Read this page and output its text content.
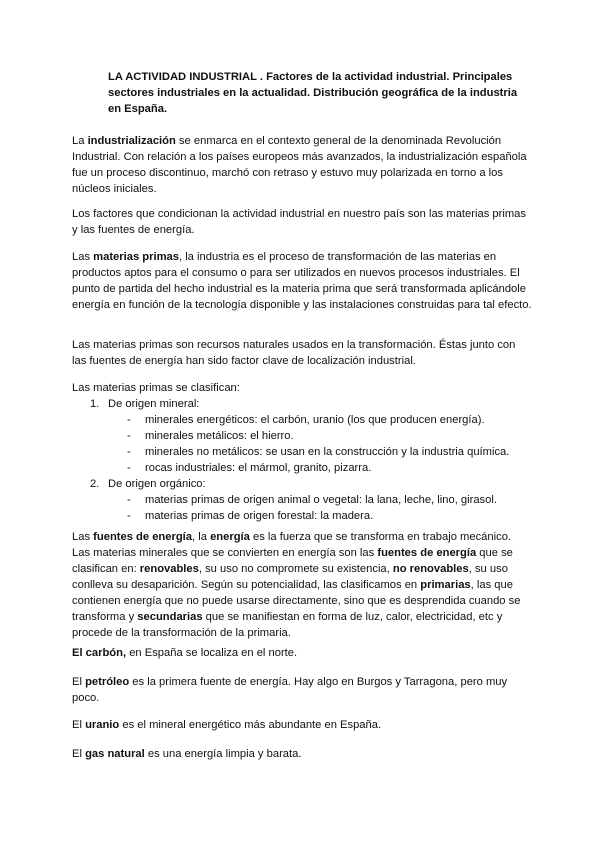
LA ACTIVIDAD INDUSTRIAL . Factores de la actividad industrial. Principales sectores industriales en la actualidad. Distribución geográfica de la industria en España.

La industrialización se enmarca en el contexto general de la denominada Revolución Industrial. Con relación a los países europeos más avanzados, la industrialización española fue un proceso discontinuo, marchó con retraso y estuvo muy polarizada en torno a los núcleos iniciales.

Los factores que condicionan la actividad industrial en nuestro país son las materias primas y las fuentes de energía.

Las materias primas, la industria es el proceso de transformación de las materias en productos aptos para el consumo o para ser utilizados en nuevos procesos industriales. El punto de partida del hecho industrial es la materia prima que será transformada aplicándole energía en función de la tecnología disponible y las instalaciones construidas para tal efecto.

Las materias primas son recursos naturales usados en la transformación. Éstas junto con las fuentes de energía han sido factor clave de localización industrial.

Las materias primas se clasifican:

1. De origen mineral:

- minerales energéticos: el carbón, uranio (los que producen energía).

- minerales metálicos: el hierro.

- minerales no metálicos: se usan en la construcción y la industria química.

- rocas industriales: el mármol, granito, pizarra.

2. De origen orgánico:

- materias primas de origen animal o vegetal: la lana, leche, lino, girasol.

- materias primas de origen forestal: la madera.

Las fuentes de energía, la energía es la fuerza que se transforma en trabajo mecánico. Las materias minerales que se convierten en energía son las fuentes de energía que se clasifican en: renovables, su uso no compromete su existencia, no renovables, su uso conlleva su desaparición. Según su potencialidad, las clasificamos en primarias, las que contienen energía que no puede usarse directamente, sino que es desprendida cuando se transforma y secundarias que se manifiestan en forma de luz, calor, electricidad, etc y procede de la transformación de la primaria.

El carbón, en España se localiza en el norte.

El petróleo es la primera fuente de energía. Hay algo en Burgos y Tarragona, pero muy poco.

El uranio es el mineral energético más abundante en España.

El gas natural es una energía limpia y barata.
